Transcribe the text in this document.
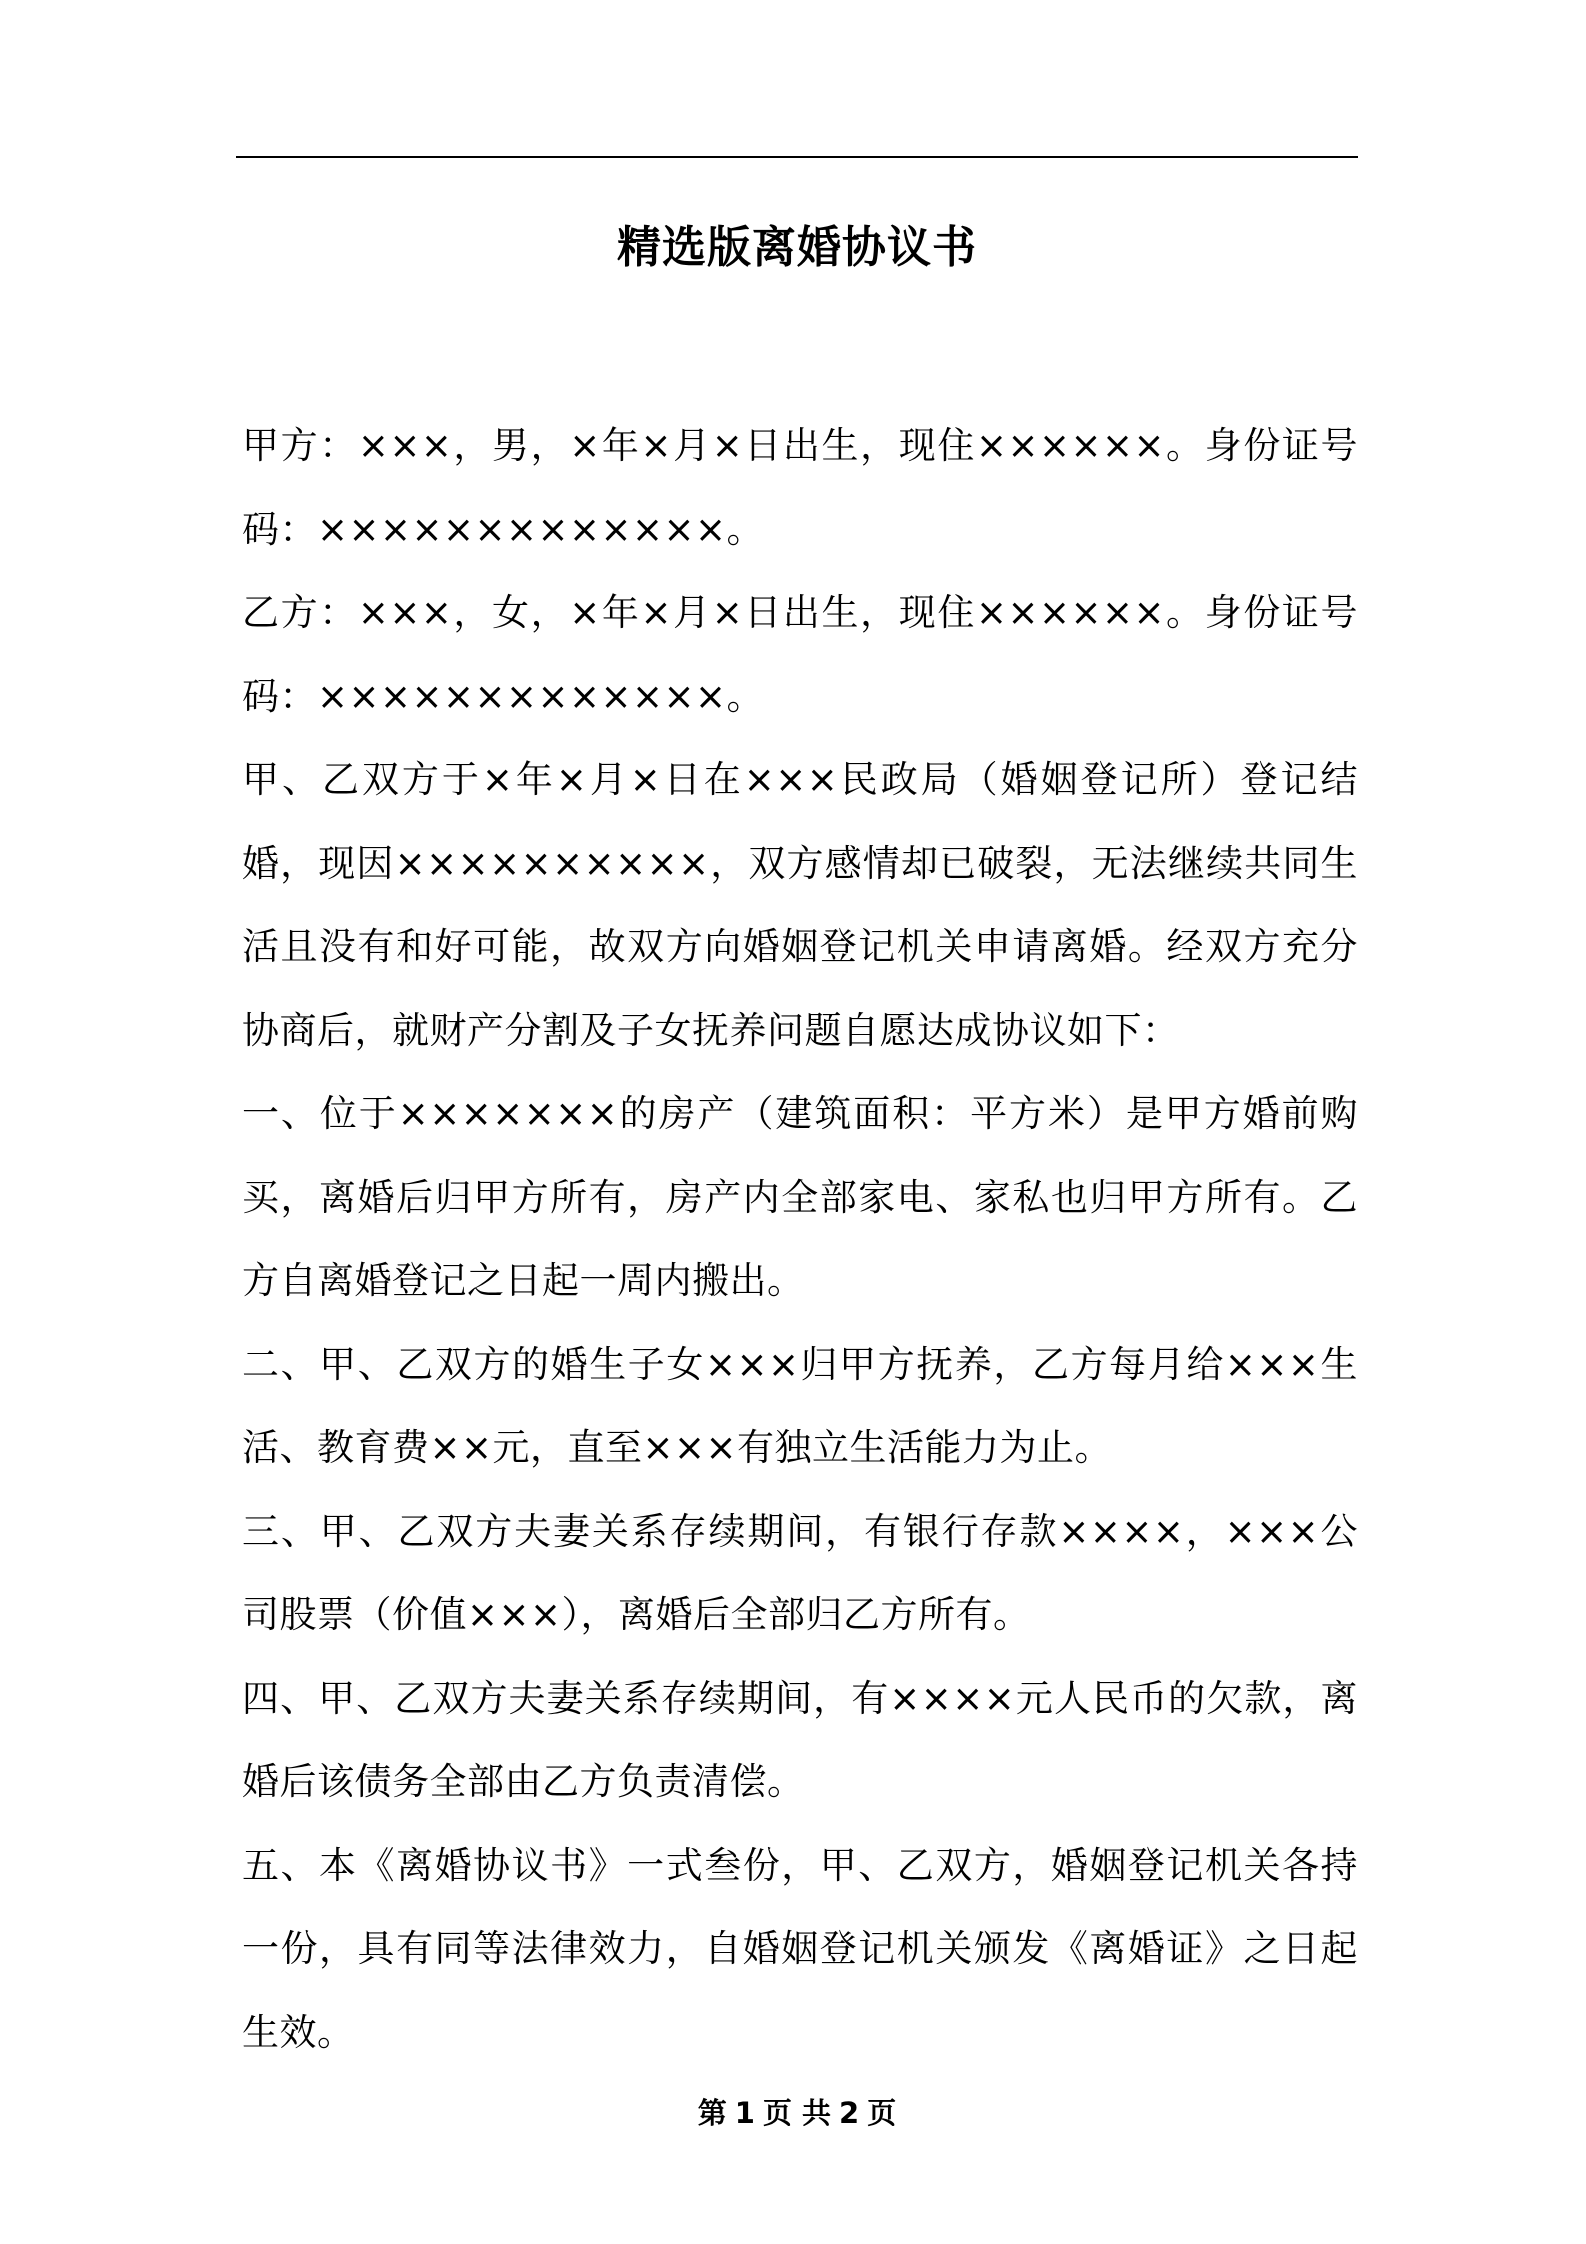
精选版离婚协议书

甲方：×××，男，×年×月×日出生，现住××××××。身份证号码：×××××××××××××。

乙方：×××，女，×年×月×日出生，现住××××××。身份证号码：×××××××××××××。

甲、乙双方于×年×月×日在×××民政局（婚姻登记所）登记结婚，现因××××××××××，双方感情却已破裂，无法继续共同生活且没有和好可能，故双方向婚姻登记机关申请离婚。经双方充分协商后，就财产分割及子女抚养问题自愿达成协议如下：

一、位于×××××××的房产（建筑面积：平方米）是甲方婚前购买，离婚后归甲方所有，房产内全部家电、家私也归甲方所有。乙方自离婚登记之日起一周内搬出。

二、甲、乙双方的婚生子女×××归甲方抚养，乙方每月给×××生活、教育费××元，直至×××有独立生活能力为止。

三、甲、乙双方夫妻关系存续期间，有银行存款××××，×××公司股票（价值×××），离婚后全部归乙方所有。

四、甲、乙双方夫妻关系存续期间，有××××元人民币的欠款，离婚后该债务全部由乙方负责清偿。

五、本《离婚协议书》一式叁份，甲、乙双方，婚姻登记机关各持一份，具有同等法律效力，自婚姻登记机关颁发《离婚证》之日起生效。

第 1 页 共 2 页
